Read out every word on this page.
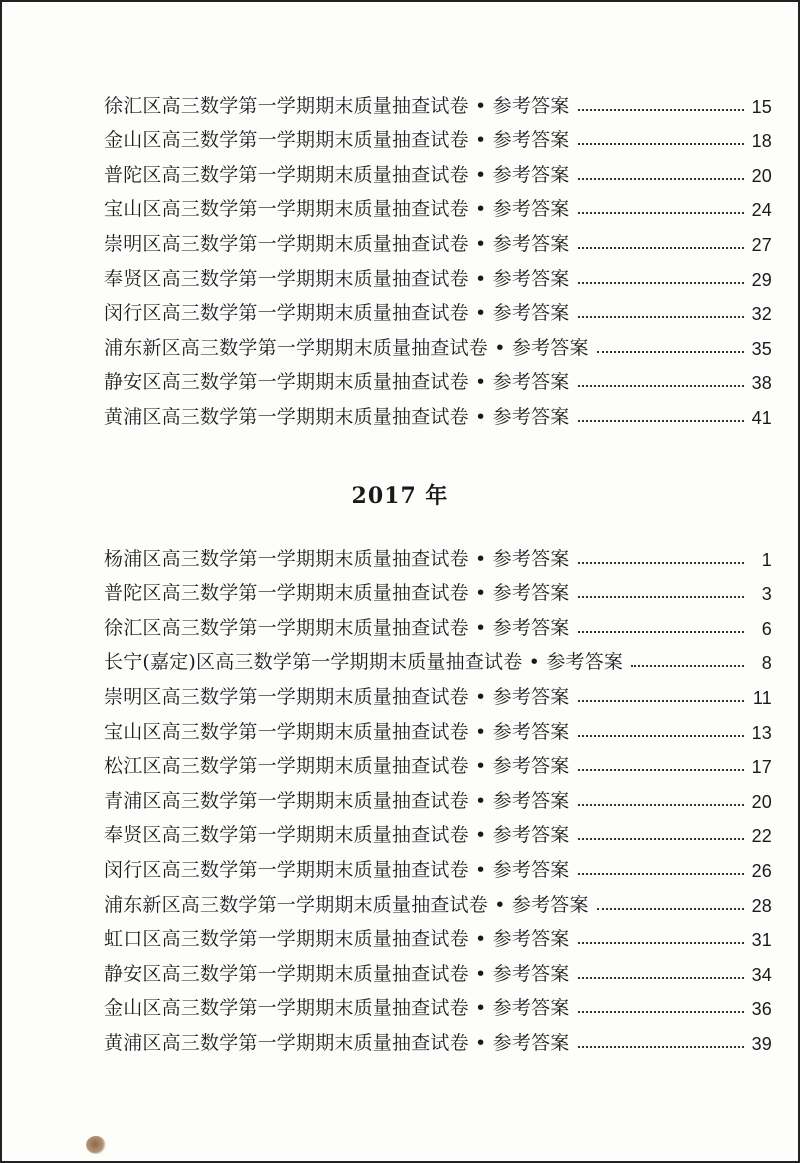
徐汇区高三数学第一学期期末质量抽查试卷 • 参考答案	15
金山区高三数学第一学期期末质量抽查试卷 • 参考答案	18
普陀区高三数学第一学期期末质量抽查试卷 • 参考答案	20
宝山区高三数学第一学期期末质量抽查试卷 • 参考答案	24
崇明区高三数学第一学期期末质量抽查试卷 • 参考答案	27
奉贤区高三数学第一学期期末质量抽查试卷 • 参考答案	29
闵行区高三数学第一学期期末质量抽查试卷 • 参考答案	32
浦东新区高三数学第一学期期末质量抽查试卷 • 参考答案	35
静安区高三数学第一学期期末质量抽查试卷 • 参考答案	38
黄浦区高三数学第一学期期末质量抽查试卷 • 参考答案	41
2017 年
杨浦区高三数学第一学期期末质量抽查试卷 • 参考答案	1
普陀区高三数学第一学期期末质量抽查试卷 • 参考答案	3
徐汇区高三数学第一学期期末质量抽查试卷 • 参考答案	6
长宁(嘉定)区高三数学第一学期期末质量抽查试卷 • 参考答案	8
崇明区高三数学第一学期期末质量抽查试卷 • 参考答案	11
宝山区高三数学第一学期期末质量抽查试卷 • 参考答案	13
松江区高三数学第一学期期末质量抽查试卷 • 参考答案	17
青浦区高三数学第一学期期末质量抽查试卷 • 参考答案	20
奉贤区高三数学第一学期期末质量抽查试卷 • 参考答案	22
闵行区高三数学第一学期期末质量抽查试卷 • 参考答案	26
浦东新区高三数学第一学期期末质量抽查试卷 • 参考答案	28
虹口区高三数学第一学期期末质量抽查试卷 • 参考答案	31
静安区高三数学第一学期期末质量抽查试卷 • 参考答案	34
金山区高三数学第一学期期末质量抽查试卷 • 参考答案	36
黄浦区高三数学第一学期期末质量抽查试卷 • 参考答案	39
